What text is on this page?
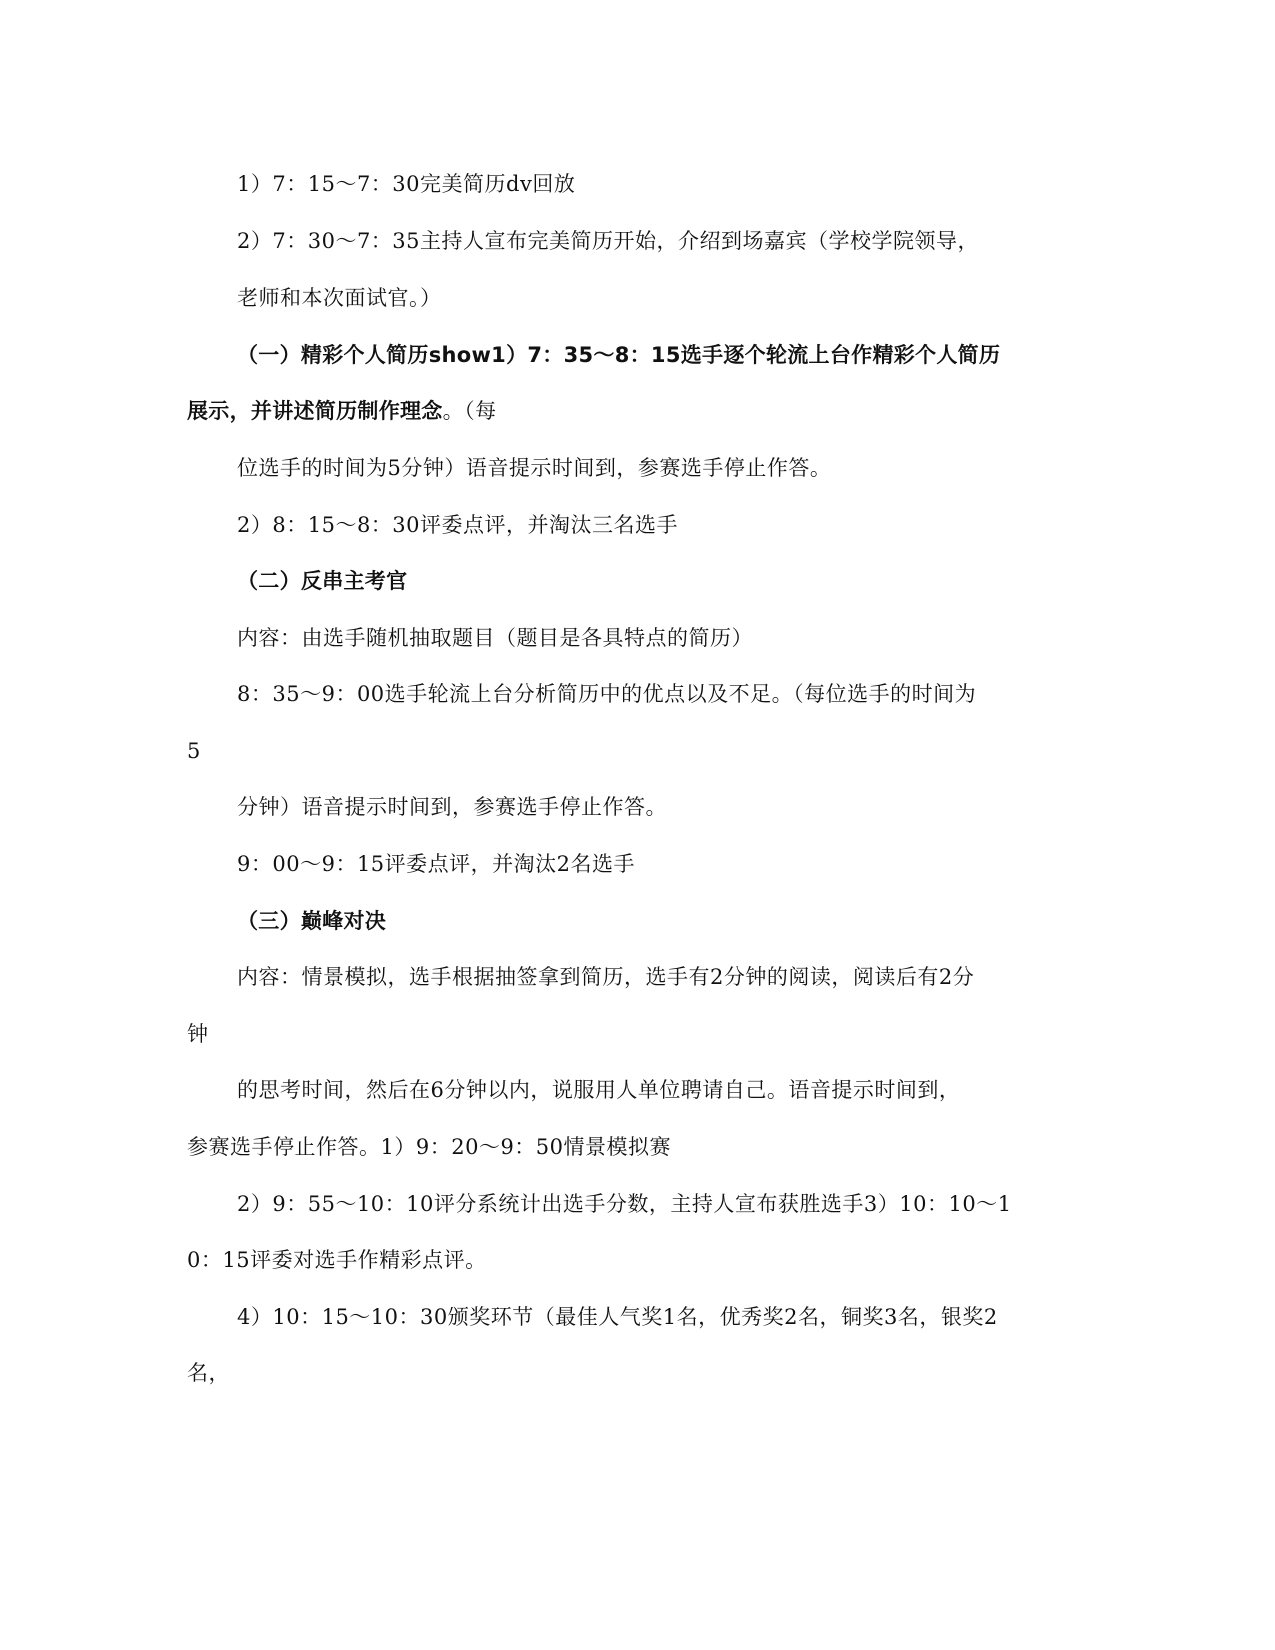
1）7：15～7：30完美简历dv回放
2）7：30～7：35主持人宣布完美简历开始，介绍到场嘉宾（学校学院领导，
老师和本次面试官。）
（一）精彩个人简历show1）7：35～8：15选手逐个轮流上台作精彩个人简历
展示，并讲述简历制作理念。（每
位选手的时间为5分钟）语音提示时间到，参赛选手停止作答。
2）8：15～8：30评委点评，并淘汰三名选手
（二）反串主考官
内容：由选手随机抽取题目（题目是各具特点的简历）
8：35～9：00选手轮流上台分析简历中的优点以及不足。（每位选手的时间为
5
分钟）语音提示时间到，参赛选手停止作答。
9：00～9：15评委点评，并淘汰2名选手
（三）巅峰对决
内容：情景模拟，选手根据抽签拿到简历，选手有2分钟的阅读，阅读后有2分
钟
的思考时间，然后在6分钟以内，说服用人单位聘请自己。语音提示时间到，
参赛选手停止作答。1）9：20～9：50情景模拟赛
2）9：55～10：10评分系统计出选手分数，主持人宣布获胜选手3）10：10～1
0：15评委对选手作精彩点评。
4）10：15～10：30颁奖环节（最佳人气奖1名，优秀奖2名，铜奖3名，银奖2
名，
